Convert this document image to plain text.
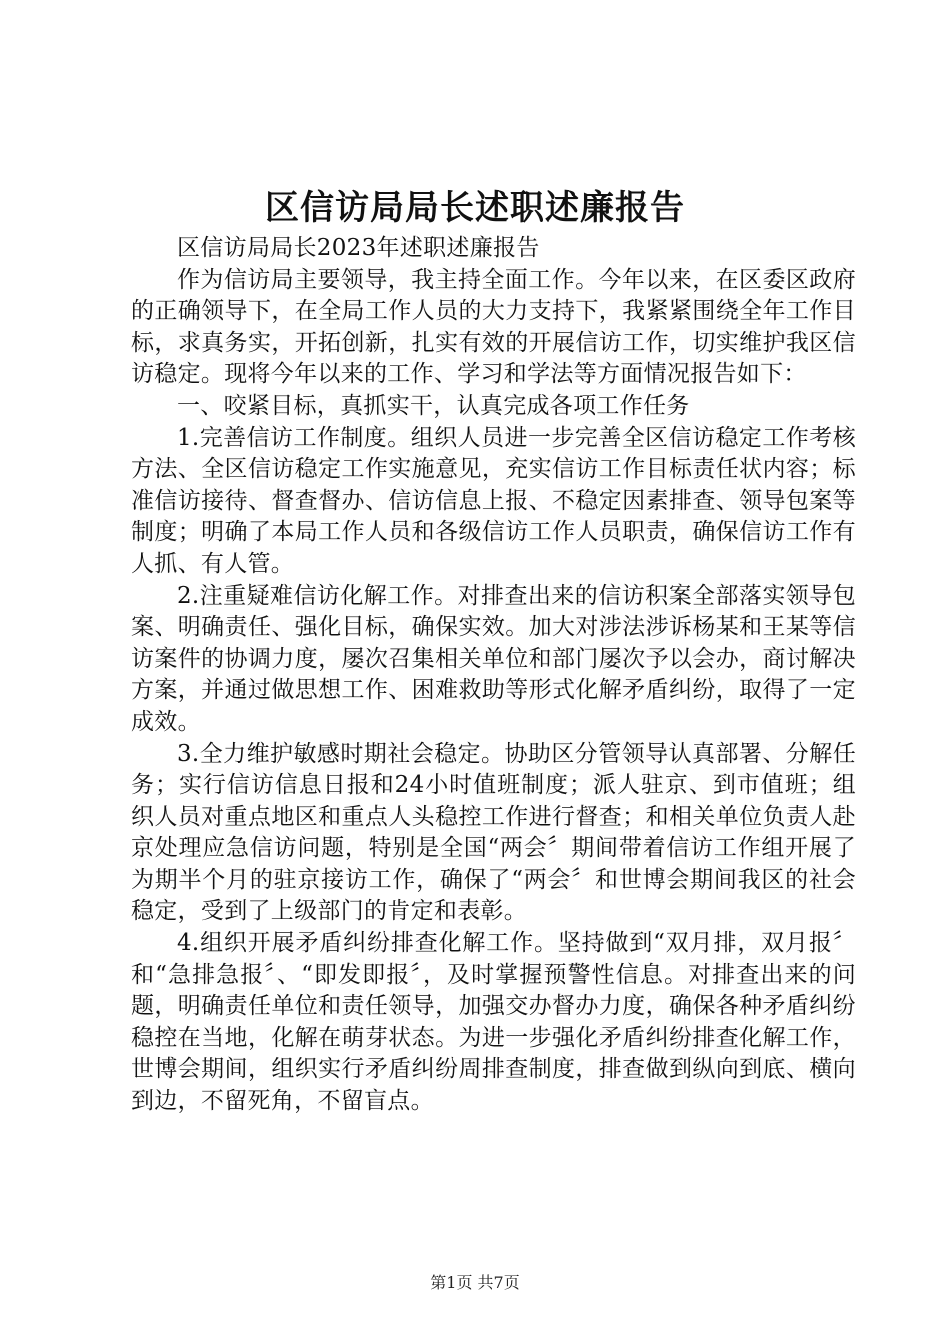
区信访局局长述职述廉报告

区信访局局长2023年述职述廉报告

作为信访局主要领导，我主持全面工作。今年以来，在区委区政府的正确领导下，在全局工作人员的大力支持下，我紧紧围绕全年工作目标，求真务实，开拓创新，扎实有效的开展信访工作，切实维护我区信访稳定。现将今年以来的工作、学习和学法等方面情况报告如下：

一、咬紧目标，真抓实干，认真完成各项工作任务

1.完善信访工作制度。组织人员进一步完善全区信访稳定工作考核方法、全区信访稳定工作实施意见，充实信访工作目标责任状内容；标准信访接待、督查督办、信访信息上报、不稳定因素排查、领导包案等制度；明确了本局工作人员和各级信访工作人员职责，确保信访工作有人抓、有人管。

2.注重疑难信访化解工作。对排查出来的信访积案全部落实领导包案、明确责任、强化目标，确保实效。加大对涉法涉诉杨某和王某等信访案件的协调力度，屡次召集相关单位和部门屡次予以会办，商讨解决方案，并通过做思想工作、困难救助等形式化解矛盾纠纷，取得了一定成效。

3.全力维护敏感时期社会稳定。协助区分管领导认真部署、分解任务；实行信访信息日报和24小时值班制度；派人驻京、到市值班；组织人员对重点地区和重点人头稳控工作进行督查；和相关单位负责人赴京处理应急信访问题，特别是全国“两会〞期间带着信访工作组开展了为期半个月的驻京接访工作，确保了“两会〞和世博会期间我区的社会稳定，受到了上级部门的肯定和表彰。

4.组织开展矛盾纠纷排查化解工作。坚持做到“双月排，双月报〞和“急排急报〞、“即发即报〞，及时掌握预警性信息。对排查出来的问题，明确责任单位和责任领导，加强交办督办力度，确保各种矛盾纠纷稳控在当地，化解在萌芽状态。为进一步强化矛盾纠纷排查化解工作，世博会期间，组织实行矛盾纠纷周排查制度，排查做到纵向到底、横向到边，不留死角，不留盲点。

第1页 共7页
